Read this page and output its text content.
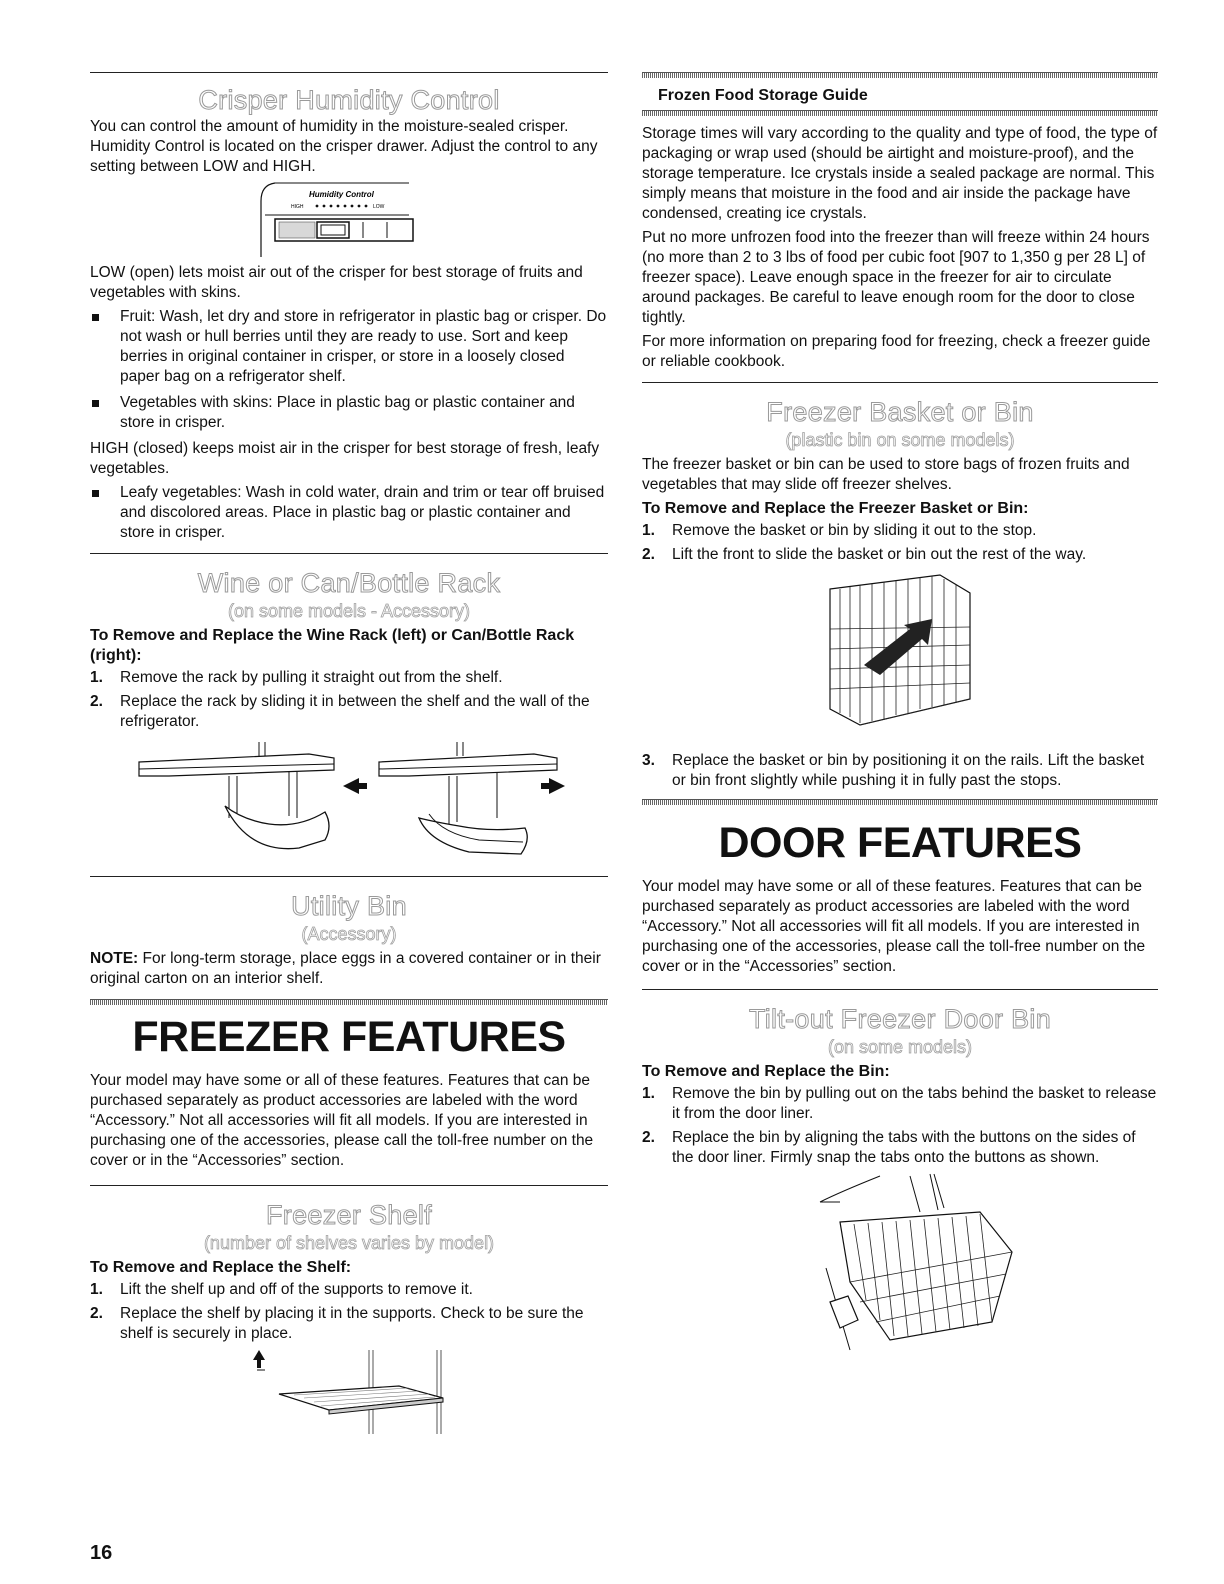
Crisper Humidity Control

You can control the amount of humidity in the moisture-sealed crisper. Humidity Control is located on the crisper drawer. Adjust the control to any setting between LOW and HIGH.

Humidity Control
HIGH	LOW

LOW (open) lets moist air out of the crisper for best storage of fruits and vegetables with skins.

Fruit: Wash, let dry and store in refrigerator in plastic bag or crisper. Do not wash or hull berries until they are ready to use. Sort and keep berries in original container in crisper, or store in a loosely closed paper bag on a refrigerator shelf.
Vegetables with skins: Place in plastic bag or plastic container and store in crisper.

HIGH (closed) keeps moist air in the crisper for best storage of fresh, leafy vegetables.

Leafy vegetables: Wash in cold water, drain and trim or tear off bruised and discolored areas. Place in plastic bag or plastic container and store in crisper.
Wine or Can/Bottle Rack
(on some models - Accessory)
To Remove and Replace the Wine Rack (left) or Can/Bottle Rack (right):
1. Remove the rack by pulling it straight out from the shelf.
2. Replace the rack by sliding it in between the shelf and the wall of the refrigerator.
Utility Bin
(Accessory)

NOTE: For long-term storage, place eggs in a covered container or in their original carton on an interior shelf.

FREEZER FEATURES

Your model may have some or all of these features. Features that can be purchased separately as product accessories are labeled with the word “Accessory.” Not all accessories will fit all models. If you are interested in purchasing one of the accessories, please call the toll-free number on the cover or in the “Accessories” section.

Freezer Shelf
(number of shelves varies by model)
To Remove and Replace the Shelf:
1. Lift the shelf up and off of the supports to remove it.
2. Replace the shelf by placing it in the supports. Check to be sure the shelf is securely in place.
Frozen Food Storage Guide

Storage times will vary according to the quality and type of food, the type of packaging or wrap used (should be airtight and moisture-proof), and the storage temperature. Ice crystals inside a sealed package are normal. This simply means that moisture in the food and air inside the package have condensed, creating ice crystals.

Put no more unfrozen food into the freezer than will freeze within 24 hours (no more than 2 to 3 lbs of food per cubic foot [907 to 1,350 g per 28 L] of freezer space). Leave enough space in the freezer for air to circulate around packages. Be careful to leave enough room for the door to close tightly.

For more information on preparing food for freezing, check a freezer guide or reliable cookbook.

Freezer Basket or Bin
(plastic bin on some models)

The freezer basket or bin can be used to store bags of frozen fruits and vegetables that may slide off freezer shelves.

To Remove and Replace the Freezer Basket or Bin:
1. Remove the basket or bin by sliding it out to the stop.
2. Lift the front to slide the basket or bin out the rest of the way.
3. Replace the basket or bin by positioning it on the rails. Lift the basket or bin front slightly while pushing it in fully past the stops.
DOOR FEATURES

Your model may have some or all of these features. Features that can be purchased separately as product accessories are labeled with the word “Accessory.” Not all accessories will fit all models. If you are interested in purchasing one of the accessories, please call the toll-free number on the cover or in the “Accessories” section.

Tilt-out Freezer Door Bin
(on some models)
To Remove and Replace the Bin:
1. Remove the bin by pulling out on the tabs behind the basket to release it from the door liner.
2. Replace the bin by aligning the tabs with the buttons on the sides of the door liner. Firmly snap the tabs onto the buttons as shown.
16
